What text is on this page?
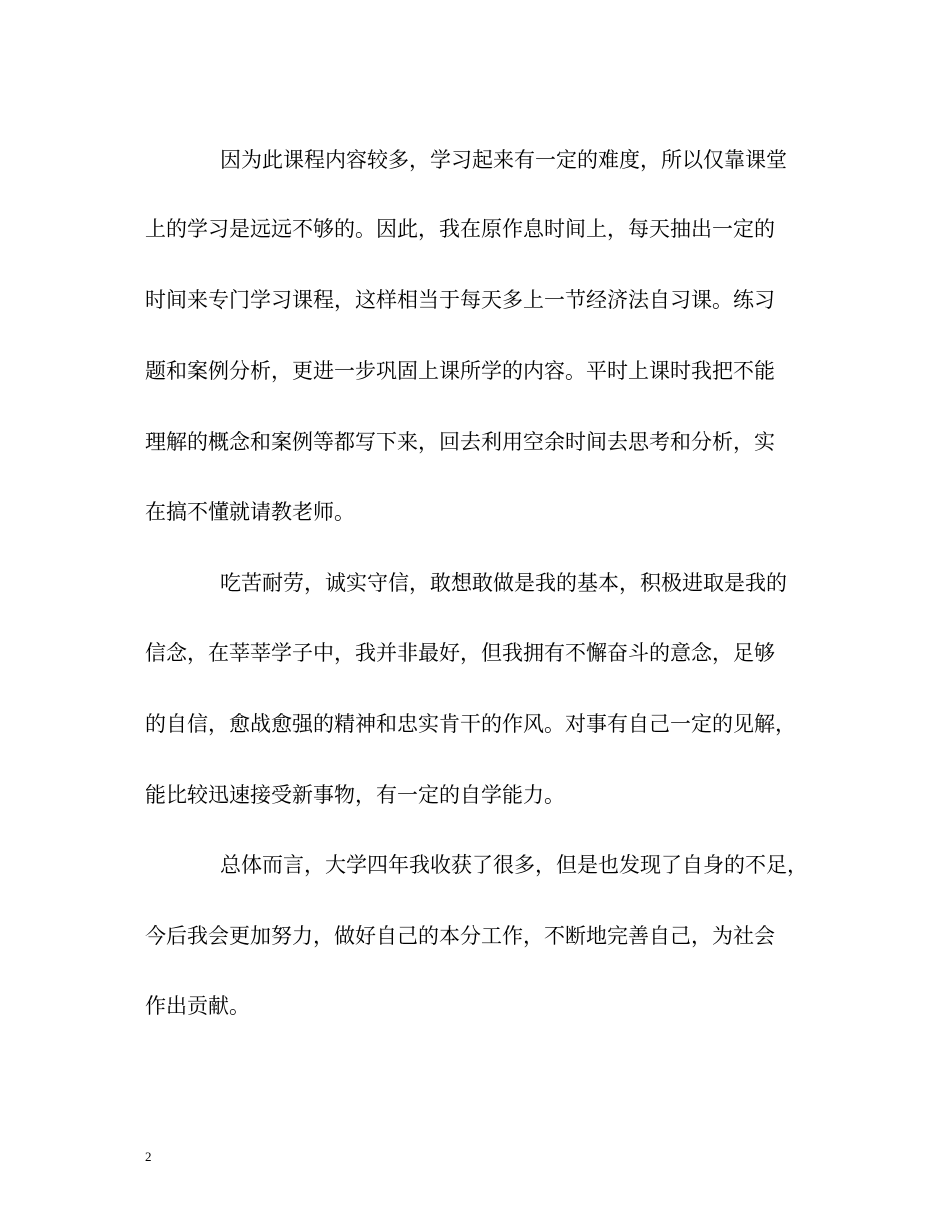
因为此课程内容较多，学习起来有一定的难度，所以仅靠课堂
上的学习是远远不够的。因此，我在原作息时间上，每天抽出一定的
时间来专门学习课程，这样相当于每天多上一节经济法自习课。练习
题和案例分析，更进一步巩固上课所学的内容。平时上课时我把不能
理解的概念和案例等都写下来，回去利用空余时间去思考和分析，实
在搞不懂就请教老师。
吃苦耐劳，诚实守信，敢想敢做是我的基本，积极进取是我的
信念，在莘莘学子中，我并非最好，但我拥有不懈奋斗的意念，足够
的自信，愈战愈强的精神和忠实肯干的作风。对事有自己一定的见解，
能比较迅速接受新事物，有一定的自学能力。
总体而言，大学四年我收获了很多，但是也发现了自身的不足，
今后我会更加努力，做好自己的本分工作，不断地完善自己，为社会
作出贡献。
2
